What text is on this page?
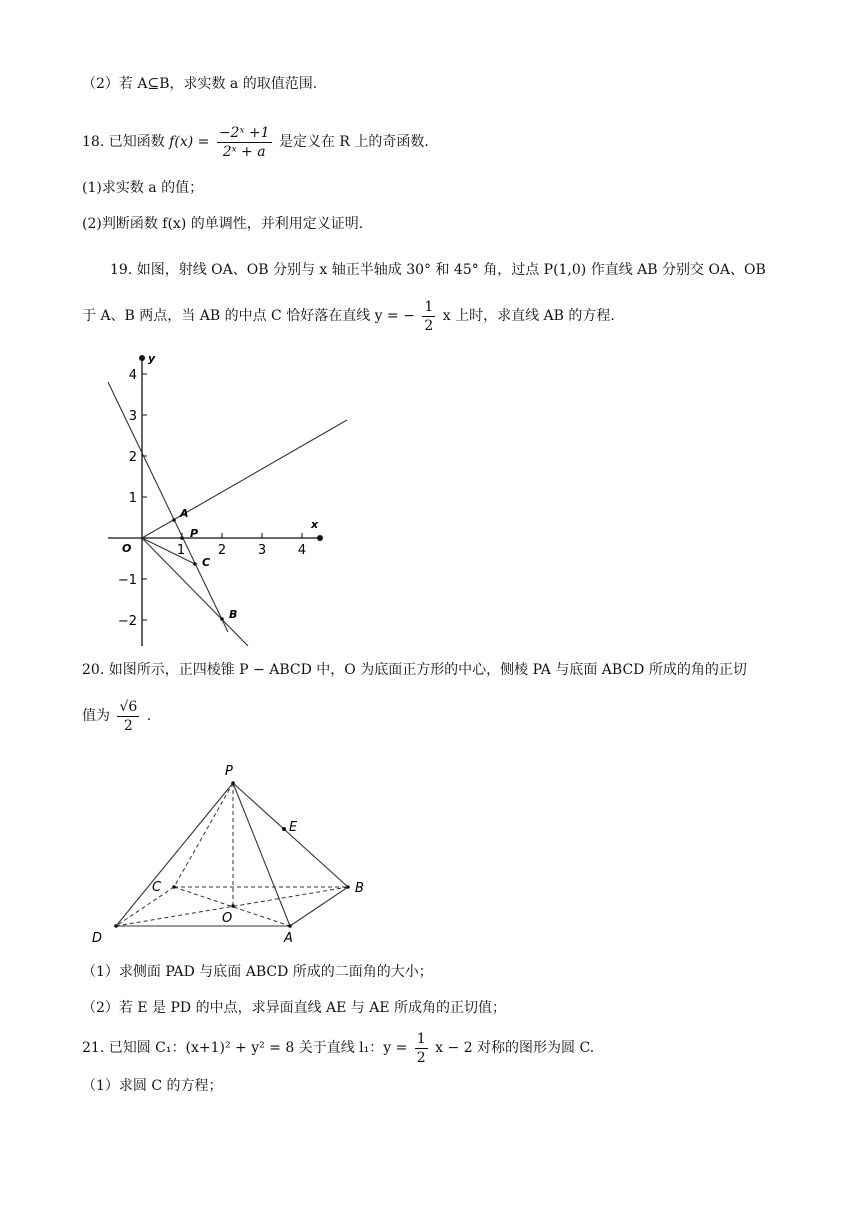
（2）若 A⊆B，求实数 a 的取值范围.
18. 已知函数 $f(x) = \frac{\text{−2ˣ +1}}{\text{2ˣ + a}}$ 是定义在 R 上的奇函数.
(1)求实数 a 的值；
(2)判断函数 f(x) 的单调性，并利用定义证明.
19. 如图，射线 OA、OB 分别与 x 轴正半轴成 30° 和 45° 角，过点 P(1,0) 作直线 AB 分别交 OA、OB
于 A、B 两点，当 AB 的中点 C 恰好落在直线 y = − $\frac{1}{2}$ x 上时，求直线 AB 的方程.
y
x
4
3
2
1
−1
−2
1	2 3 4
O
A
P
C
B
20. 如图所示，正四棱锥 P − ABCD 中，O 为底面正方形的中心，侧棱 PA 与底面 ABCD 所成的角的正切
值为 $\frac{√6}{2}$ .
P
E
C	B
O
D	A
（1）求侧面 PAD 与底面 ABCD 所成的二面角的大小；
（2）若 E 是 PD 的中点，求异面直线 AE 与 AE 所成角的正切值；
21. 已知圆 C₁：(x+1)² + y² = 8 关于直线 l₁：$y = \frac{1}{2}$ x − 2 对称的图形为圆 C.
（1）求圆 C 的方程；
